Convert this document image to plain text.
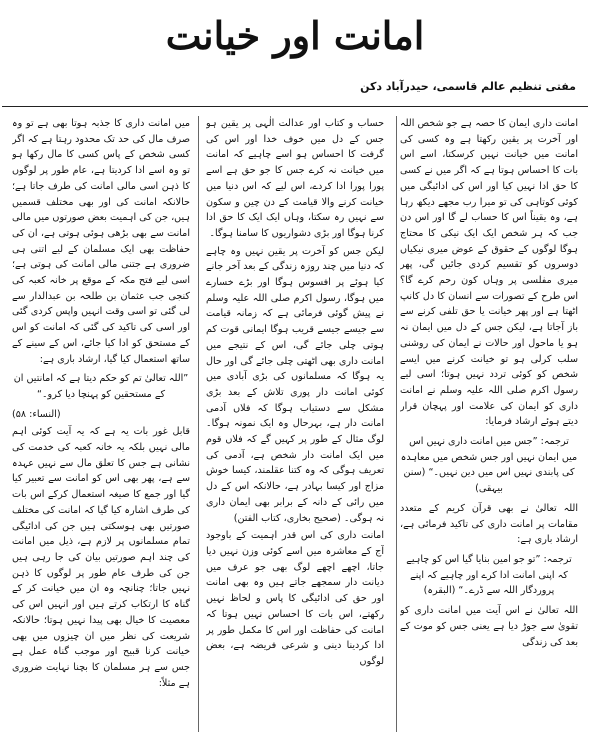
امانت اور خیانت
مفتی تنظیم عالم قاسمی، حیدرآباد دکن

امانت داری ایمان کا حصہ ہے جو شخص اللہ اور آخرت پر یقین رکھتا ہے وہ کسی کی امانت میں خیانت نہیں کرسکتا، اسے اس بات کا احساس ہوتا ہے کہ اگر میں نے کسی کا حق ادا نہیں کیا اور اس کی ادائیگی میں کوئی کوتاہی کی تو میرا رب مجھے دیکھ رہا ہے، وہ یقیناً اس کا حساب لے گا اور اس دن جب کہ ہر شخص ایک ایک نیکی کا محتاج ہوگا لوگوں کے حقوق کے عوض میری نیکیاں دوسروں کو تقسیم کردی جائیں گی، پھر میری مفلسی پر وہاں کون رحم کرے گا؟ اس طرح کے تصورات سے انسان کا دل کانپ اٹھتا ہے اور پھر خیانت یا حق تلفی کرنے سے باز آجاتا ہے، لیکن جس کے دل میں ایمان نہ ہو یا ماحول اور حالات نے ایمان کی روشنی سلب کرلی ہو تو خیانت کرنے میں ایسے شخص کو کوئی تردد نہیں ہوتا؛ اسی لیے رسول اکرم صلی اللہ علیہ وسلم نے امانت داری کو ایمان کی علامت اور پہچان قرار دیتے ہوئے ارشاد فرمایا:

ترجمہ: ”جس میں امانت داری نہیں اس میں ایمان نہیں اور جس شخص میں معاہدہ کی پابندی نہیں اس میں دین نہیں۔“ (سنن بیہقی)

اللہ تعالیٰ نے بھی قرآن کریم کے متعدد مقامات پر امانت داری کی تاکید فرمائی ہے، ارشاد باری ہے:

ترجمہ: ”تو جو امین بنایا گیا اس کو چاہیے کہ اپنی امانت ادا کرے اور چاہیے کہ اپنے پروردگار اللہ سے ڈرے۔“ (البقرہ)

اللہ تعالیٰ نے اس آیت میں امانت داری کو تقویٰ سے جوڑ دیا ہے یعنی جس کو موت کے بعد کی زندگی

حساب و کتاب اور عدالت الٰہی پر یقین ہو جس کے دل میں خوف خدا اور اس کی گرفت کا احساس ہو اسے چاہیے کہ امانت میں خیانت نہ کرے جس کا جو حق ہے اسے پورا پورا ادا کردے، اس لیے کہ اس دنیا میں خیانت کرنے والا قیامت کے دن چین و سکون سے نہیں رہ سکتا، وہاں ایک ایک کا حق ادا کرنا ہوگا اور بڑی دشواریوں کا سامنا ہوگا۔

لیکن جس کو آخرت پر یقین نہیں وہ چاہے کہ دنیا میں چند روزہ زندگی کے بعد آخر جانے کیا ہوئے پر افسوس ہوگا اور بڑے خسارے میں ہوگا، رسول اکرم صلی اللہ علیہ وسلم نے پیش گوئی فرمائی ہے کہ زمانہ قیامت سے جیسے جیسے قریب ہوگا ایمانی قوت کم ہوتی چلی جائے گی، اس کے نتیجے میں امانت داری بھی اٹھتی چلی جائے گی اور حال یہ ہوگا کہ مسلمانوں کی بڑی آبادی میں کوئی امانت دار پوری تلاش کے بعد بڑی مشکل سے دستیاب ہوگا کہ فلاں آدمی امانت دار ہے، بہرحال وہ ایک نمونہ ہوگا۔ لوگ مثال کے طور پر کہیں گے کہ فلاں قوم میں ایک امانت دار شخص ہے، آدمی کی تعریف ہوگی کہ وہ کتنا عقلمند، کیسا خوش مزاج اور کیسا بہادر ہے، حالانکہ اس کے دل میں رائی کے دانہ کے برابر بھی ایمان داری نہ ہوگی۔ (صحیح بخاری، کتاب الفتن)

امانت داری کی اس قدر اہمیت کے باوجود آج کے معاشرہ میں اسے کوئی وزن نہیں دیا جاتا، اچھے اچھے لوگ بھی جو عرف میں دیانت دار سمجھے جاتے ہیں وہ بھی امانت اور حق کی ادائیگی کا پاس و لحاظ نہیں رکھتے، اس بات کا احساس نہیں ہوتا کہ امانت کی حفاظت اور اس کا مکمل طور پر ادا کردینا دینی و شرعی فریضہ ہے، بعض لوگوں

میں امانت داری کا جذبہ ہوتا بھی ہے تو وہ صرف مال کی حد تک محدود رہتا ہے کہ اگر کسی شخص کے پاس کسی کا مال رکھا ہو تو وہ اسے ادا کردیتا ہے، عام طور پر لوگوں کا ذہن اسی مالی امانت کی طرف جاتا ہے؛ حالانکہ امانت کی اور بھی مختلف قسمیں ہیں، جن کی اہمیت بعض صورتوں میں مالی امانت سے بھی بڑھی ہوئی ہوتی ہے، ان کی حفاظت بھی ایک مسلمان کے لیے اتنی ہی ضروری ہے جتنی مالی امانت کی ہوتی ہے؛ اسی لیے فتح مکہ کے موقع پر خانہ کعبہ کی کنجی جب عثمان بن طلحہ بن عبدالدار سے لی گئی تو اسی وقت انہیں واپس کردی گئی اور اسی کی تاکید کی گئی کہ امانت کو اس کے مستحق کو ادا کیا جائے، اس کے سینے کے ساتھ استعمال کیا گیا، ارشاد باری ہے:

”اللہ تعالیٰ تم کو حکم دیتا ہے کہ امانتیں ان کے مستحقین کو پہنچا دیا کرو۔“

(النساء: ۵۸)

قابل غور بات یہ ہے کہ یہ آیت کوئی اہم مالی نہیں بلکہ یہ خانہ کعبہ کی خدمت کی نشانی ہے جس کا تعلق مال سے نہیں عہدہ سے ہے، پھر بھی اس کو امانت سے تعبیر کیا گیا اور جمع کا صیغہ استعمال کرکے اس بات کی طرف اشارہ کیا گیا کہ امانت کی مختلف صورتیں بھی ہوسکتی ہیں جن کی ادائیگی تمام مسلمانوں پر لازم ہے، ذیل میں امانت کی چند اہم صورتیں بیان کی جا رہی ہیں جن کی طرف عام طور پر لوگوں کا ذہن نہیں جاتا؛ چنانچہ وہ ان میں خیانت کر کے گناہ کا ارتکاب کرتے ہیں اور انہیں اس کی معصیت کا خیال بھی پیدا نہیں ہوتا؛ حالانکہ شریعت کی نظر میں ان چیزوں میں بھی خیانت کرنا قبیح اور موجب گناہ عمل ہے جس سے ہر مسلمان کا بچنا نہایت ضروری ہے مثلاً:
